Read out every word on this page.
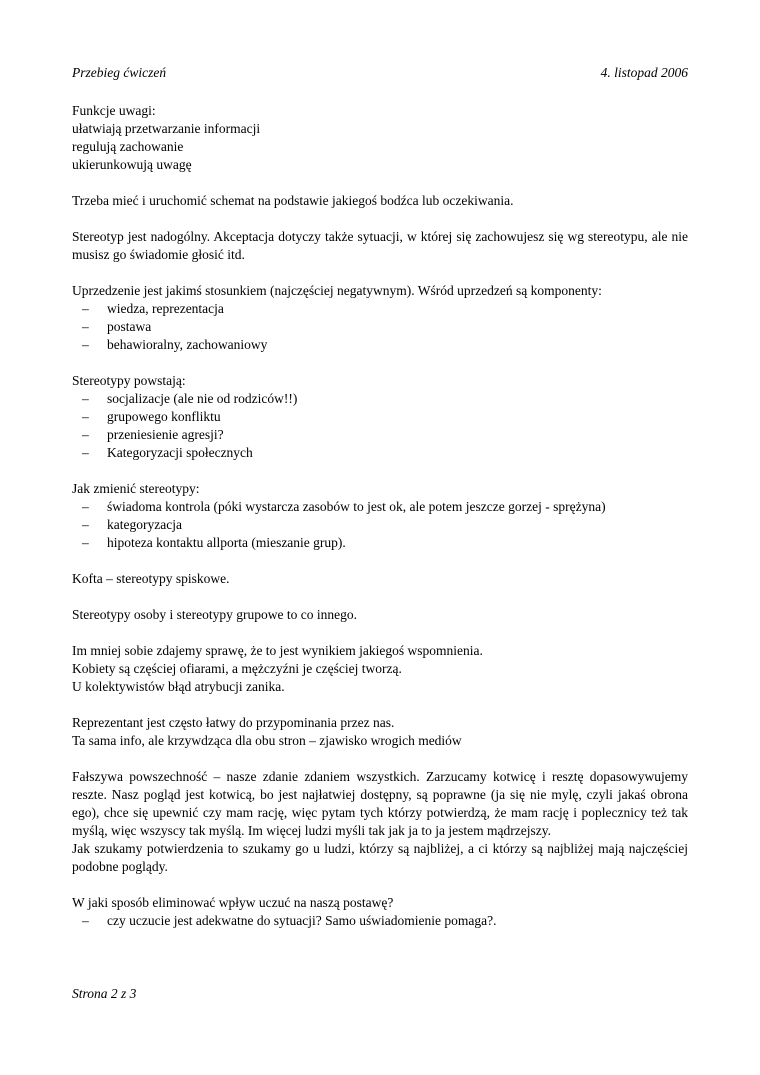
Przebieg ćwiczeń	4. listopad 2006

Funkcje uwagi:

ułatwiają przetwarzanie informacji

regulują zachowanie

ukierunkowują uwagę

Trzeba mieć i uruchomić schemat na podstawie jakiegoś bodźca lub oczekiwania.

Stereotyp jest nadogólny. Akceptacja dotyczy także sytuacji, w której się zachowujesz się wg stereotypu, ale nie musisz go świadomie głosić itd.

Uprzedzenie jest jakimś stosunkiem (najczęściej negatywnym). Wśród uprzedzeń są komponenty:

–	wiedza, reprezentacja
–	postawa
–	behawioralny, zachowaniowy

Stereotypy powstają:

–	socjalizacje (ale nie od rodziców!!)
–	grupowego konfliktu
–	przeniesienie agresji?
–	Kategoryzacji społecznych

Jak zmienić stereotypy:

–	świadoma kontrola (póki wystarcza zasobów to jest ok, ale potem jeszcze gorzej - sprężyna)
–	kategoryzacja
–	hipoteza kontaktu allporta (mieszanie grup).

Kofta – stereotypy spiskowe.

Stereotypy osoby i stereotypy grupowe to co innego.

Im mniej sobie zdajemy sprawę, że to jest wynikiem jakiegoś wspomnienia.

Kobiety są częściej ofiarami, a mężczyźni je częściej tworzą.

U kolektywistów błąd atrybucji zanika.

Reprezentant jest często łatwy do przypominania przez nas.

Ta sama info, ale krzywdząca dla obu stron – zjawisko wrogich mediów

Fałszywa powszechność – nasze zdanie zdaniem wszystkich. Zarzucamy kotwicę i resztę dopasowywujemy reszte. Nasz pogląd jest kotwicą, bo jest najłatwiej dostępny, są poprawne (ja się nie mylę, czyli jakaś obrona ego), chce się upewnić czy mam rację, więc pytam tych którzy potwierdzą, że mam rację i poplecznicy też tak myślą, więc wszyscy tak myślą. Im więcej ludzi myśli tak jak ja to ja jestem mądrzejszy.

Jak szukamy potwierdzenia to szukamy go u ludzi, którzy są najbliżej, a ci którzy są najbliżej mają najczęściej podobne poglądy.

W jaki sposób eliminować wpływ uczuć na naszą postawę?

–	czy uczucie jest adekwatne do sytuacji? Samo uświadomienie pomaga?.
Strona 2 z 3
